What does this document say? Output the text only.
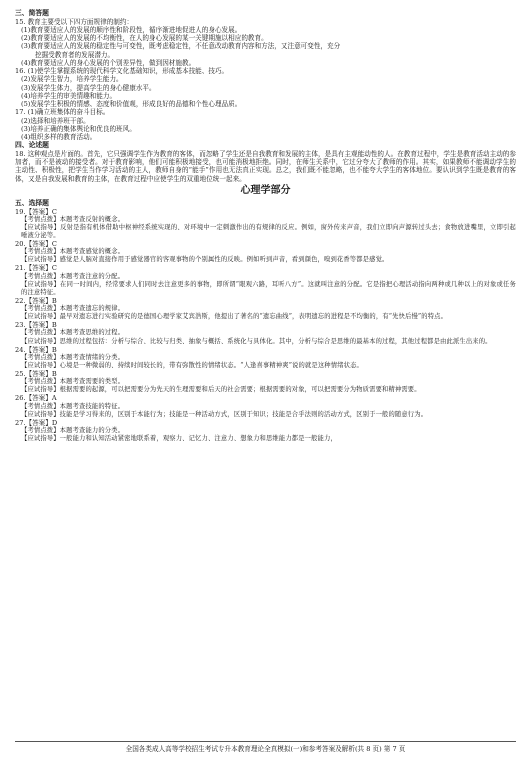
三、简答题
15. 教育主要受以下四方面规律的制约：
(1)教育要适应人的发展的顺序性和阶段性，循序渐进地促进人的身心发展。
(2)教育要适应人的发展的不均衡性，在人的身心发展的某一关键期施以相应的教育。
(3)教育要适应人的发展的稳定性与可变性，既考虑稳定性，不任意改动教育内容和方法，又注意可变性，充分
挖掘受教育者的发展潜力。
(4)教育要适应人的身心发展的个别差异性，做到因材施教。
16. (1)使学生掌握系统的现代科学文化基础知识，形成基本技能、技巧。
(2)发展学生智力，培养学生能力。
(3)发展学生体力，提高学生的身心健康水平。
(4)培养学生的审美情趣和能力。
(5)发展学生积极的情感、态度和价值观，形成良好的品德和个性心理品质。
17. (1)确立班集体的奋斗目标。
(2)选择和培养班干部。
(3)培养正确的集体舆论和优良的班风。
(4)组织多样的教育活动。
四、论述题
18. 这种观点是片面的。首先，它只强调学生作为教育的客体，而忽略了学生还是自我教育和发展的主体，是具有主观能动性的人。在教育过程中，学生是教育活动主动的参加者，而不是被动的接受者。对于教育影响，他们可能积极地接受，也可能消极地拒绝。同时，在师生关系中，它过分夸大了教师的作用。其实，如果教师不能调动学生的主动性、积极性，把学生当作学习活动的主人，教师自身的“能手”作用也无法真正实现。总之，我们既不能忽略，也不能夸大学生的客体地位。要认识到学生既是教育的客体，又是自我发展和教育的主体，在教育过程中应使学生的双重地位统一起来。
心理学部分
五、选择题
19.【答案】C
【考情点拨】本题考查反射的概念。
【应试指导】反射是指有机体借助中枢神经系统实现的、对环境中一定刺激作出的有规律的反应。例如，窗外传来声音，我们立即向声源转过头去；食物放进嘴里，立即引起唾液分泌等。
20.【答案】C
【考情点拨】本题考查感觉的概念。
【应试指导】感觉是人脑对直接作用于感觉器官的客观事物的个别属性的反映。例如听到声音，看到颜色，嗅到花香等都是感觉。
21.【答案】C
【考情点拨】本题考查注意的分配。
【应试指导】在同一时间内，经常要求人们同时去注意更多的事物，即所谓“眼观六路，耳听八方”。这就叫注意的分配。它是指把心理活动指向两种或几种以上的对象或任务的注意特征。
22.【答案】B
【考情点拨】本题考查遗忘的规律。
【应试指导】最早对遗忘进行实验研究的是德国心理学家艾宾浩斯，他提出了著名的“遗忘曲线”，表明遗忘的进程是不均衡的，有“先快后慢”的特点。
23.【答案】B
【考情点拨】本题考查思维的过程。
【应试指导】思维的过程包括：分析与综合、比较与归类、抽象与概括、系统化与具体化。其中，分析与综合是思维的最基本的过程，其他过程都是由此派生出来的。
24.【答案】B
【考情点拨】本题考查情绪的分类。
【应试指导】心境是一种微弱的、持续时间较长的，带有弥散性的情绪状态。“人逢喜事精神爽”说的就是这种情绪状态。
25.【答案】B
【考情点拨】本题考查需要的类型。
【应试指导】根据需要的起源，可以把需要分为先天的生理需要和后天的社会需要；根据需要的对象，可以把需要分为物质需要和精神需要。
26.【答案】A
【考情点拨】本题考查技能的特征。
【应试指导】技能是学习得来的，区别于本能行为；技能是一种活动方式，区别于知识；技能是合乎法则的活动方式，区别于一般的随意行为。
27.【答案】D
【考情点拨】本题考查能力的分类。
【应试指导】一般能力和认知活动紧密地联系着，观察力、记忆力、注意力、想象力和思维能力都是一般能力，
全国各类成人高等学校招生考试专升本教育理论全真模拟(一)和参考答案及解析(共 8 页) 第 7 页
